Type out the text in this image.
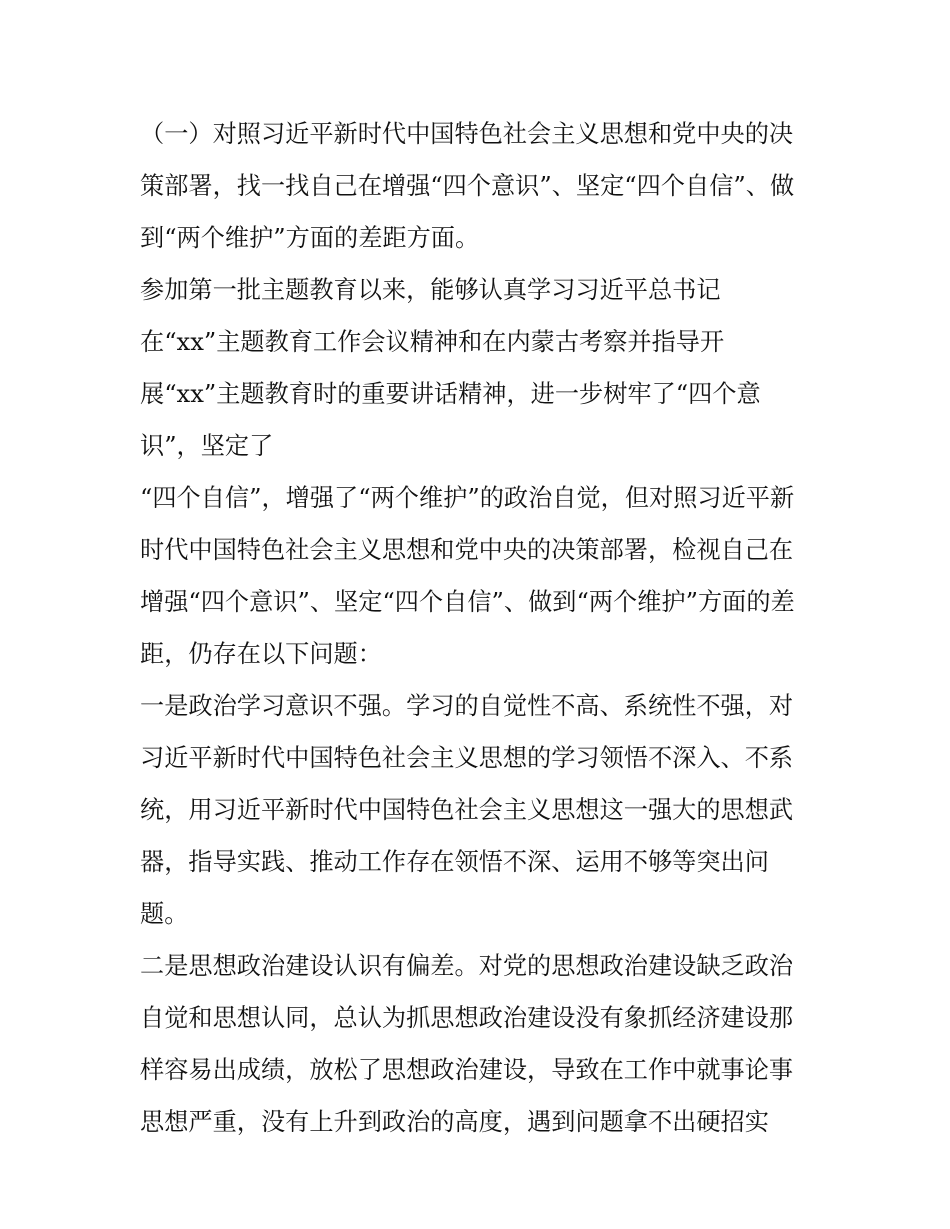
（一）对照习近平新时代中国特色社会主义思想和党中央的决
策部署，找一找自己在增强“四个意识”、坚定“四个自信”、做
到“两个维护”方面的差距方面。
参加第一批主题教育以来，能够认真学习习近平总书记
在“xx”主题教育工作会议精神和在内蒙古考察并指导开
展“xx”主题教育时的重要讲话精神，进一步树牢了“四个意
识”，坚定了
“四个自信”，增强了“两个维护”的政治自觉，但对照习近平新
时代中国特色社会主义思想和党中央的决策部署，检视自己在
增强“四个意识”、坚定“四个自信”、做到“两个维护”方面的差
距，仍存在以下问题：
一是政治学习意识不强。学习的自觉性不高、系统性不强，对
习近平新时代中国特色社会主义思想的学习领悟不深入、不系
统，用习近平新时代中国特色社会主义思想这一强大的思想武
器，指导实践、推动工作存在领悟不深、运用不够等突出问
题。
二是思想政治建设认识有偏差。对党的思想政治建设缺乏政治
自觉和思想认同，总认为抓思想政治建设没有象抓经济建设那
样容易出成绩，放松了思想政治建设，导致在工作中就事论事
思想严重，没有上升到政治的高度，遇到问题拿不出硬招实
